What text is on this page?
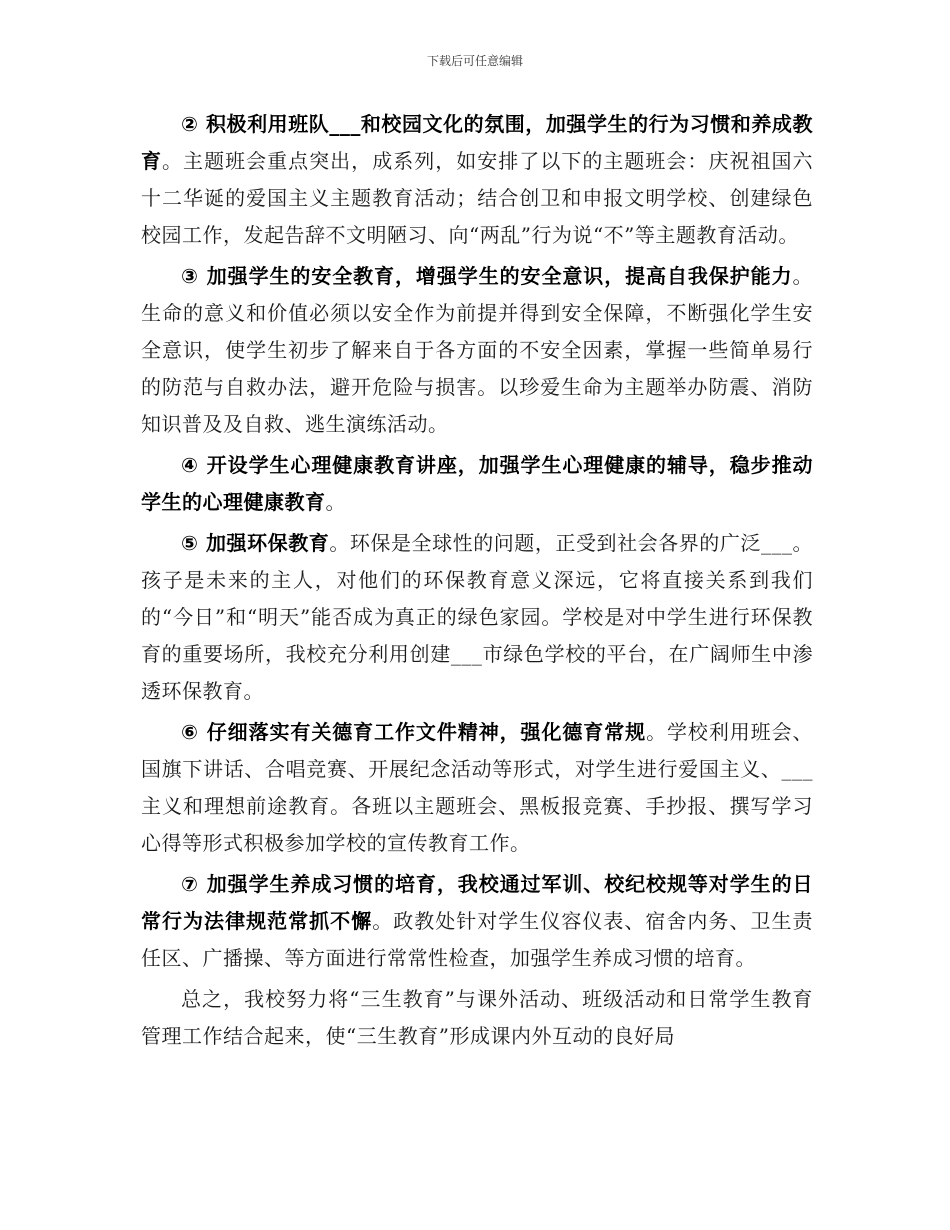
下载后可任意编辑

② 积极利用班队___和校园文化的氛围，加强学生的行为习惯和养成教育。主题班会重点突出，成系列，如安排了以下的主题班会：庆祝祖国六十二华诞的爱国主义主题教育活动；结合创卫和申报文明学校、创建绿色校园工作，发起告辞不文明陋习、向“两乱”行为说“不”等主题教育活动。

③ 加强学生的安全教育，增强学生的安全意识，提高自我保护能力。生命的意义和价值必须以安全作为前提并得到安全保障，不断强化学生安全意识，使学生初步了解来自于各方面的不安全因素，掌握一些简单易行的防范与自救办法，避开危险与损害。以珍爱生命为主题举办防震、消防知识普及及自救、逃生演练活动。

④ 开设学生心理健康教育讲座，加强学生心理健康的辅导，稳步推动学生的心理健康教育。

⑤ 加强环保教育。环保是全球性的问题，正受到社会各界的广泛___。孩子是未来的主人，对他们的环保教育意义深远，它将直接关系到我们的“今日”和“明天”能否成为真正的绿色家园。学校是对中学生进行环保教育的重要场所，我校充分利用创建___市绿色学校的平台，在广阔师生中渗透环保教育。

⑥ 仔细落实有关德育工作文件精神，强化德育常规。学校利用班会、国旗下讲话、合唱竞赛、开展纪念活动等形式，对学生进行爱国主义、___主义和理想前途教育。各班以主题班会、黑板报竞赛、手抄报、撰写学习心得等形式积极参加学校的宣传教育工作。

⑦ 加强学生养成习惯的培育，我校通过军训、校纪校规等对学生的日常行为法律规范常抓不懈。政教处针对学生仪容仪表、宿舍内务、卫生责任区、广播操、等方面进行常常性检查，加强学生养成习惯的培育。

总之，我校努力将“三生教育”与课外活动、班级活动和日常学生教育管理工作结合起来，使“三生教育”形成课内外互动的良好局
